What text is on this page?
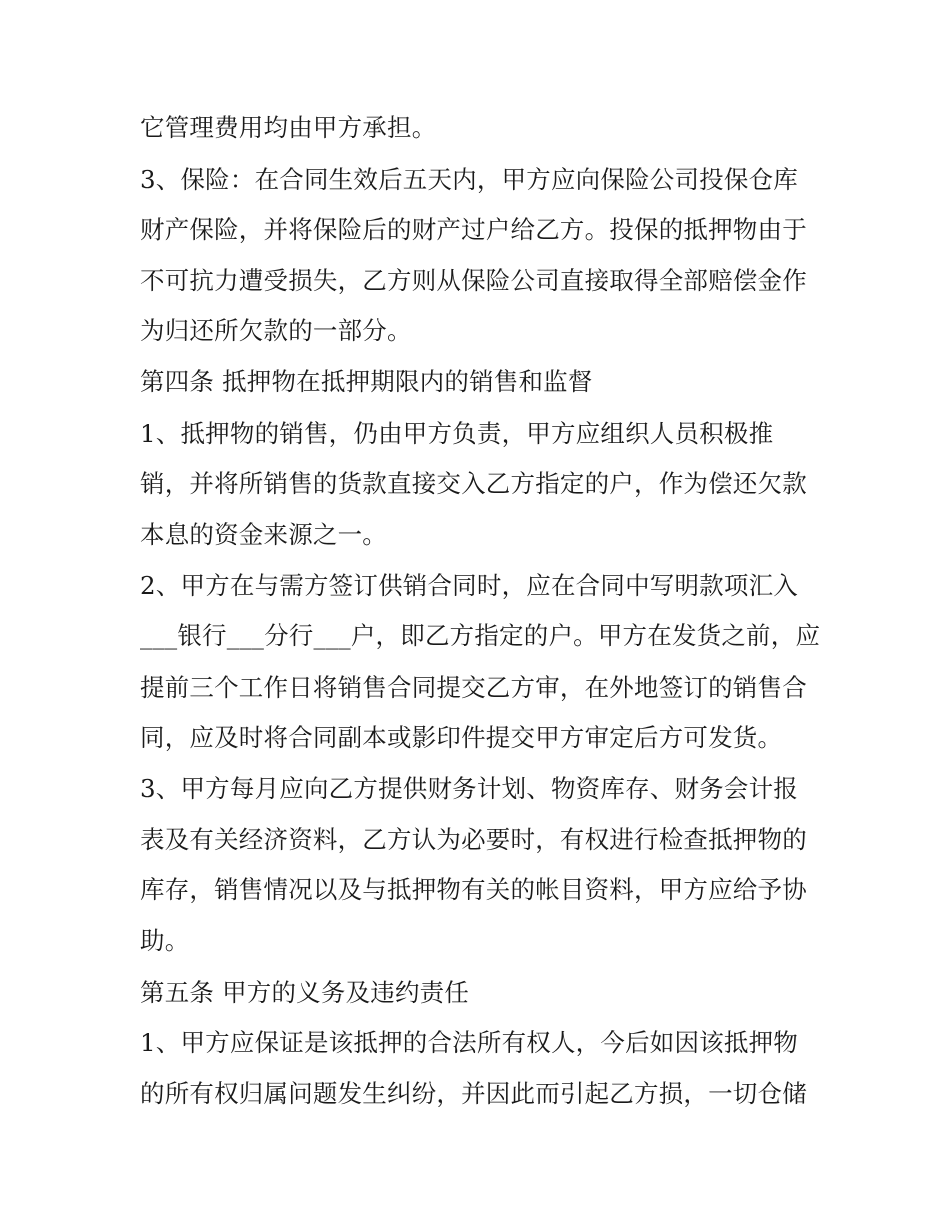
它管理费用均由甲方承担。
3、保险：在合同生效后五天内，甲方应向保险公司投保仓库
财产保险，并将保险后的财产过户给乙方。投保的抵押物由于
不可抗力遭受损失，乙方则从保险公司直接取得全部赔偿金作
为归还所欠款的一部分。
第四条 抵押物在抵押期限内的销售和监督
1、抵押物的销售，仍由甲方负责，甲方应组织人员积极推
销，并将所销售的货款直接交入乙方指定的户，作为偿还欠款
本息的资金来源之一。
2、甲方在与需方签订供销合同时，应在合同中写明款项汇入
___银行___分行___户，即乙方指定的户。甲方在发货之前，应
提前三个工作日将销售合同提交乙方审，在外地签订的销售合
同，应及时将合同副本或影印件提交甲方审定后方可发货。
3、甲方每月应向乙方提供财务计划、物资库存、财务会计报
表及有关经济资料，乙方认为必要时，有权进行检查抵押物的
库存，销售情况以及与抵押物有关的帐目资料，甲方应给予协
助。
第五条 甲方的义务及违约责任
1、甲方应保证是该抵押的合法所有权人，今后如因该抵押物
的所有权归属问题发生纠纷，并因此而引起乙方损，一切仓储
